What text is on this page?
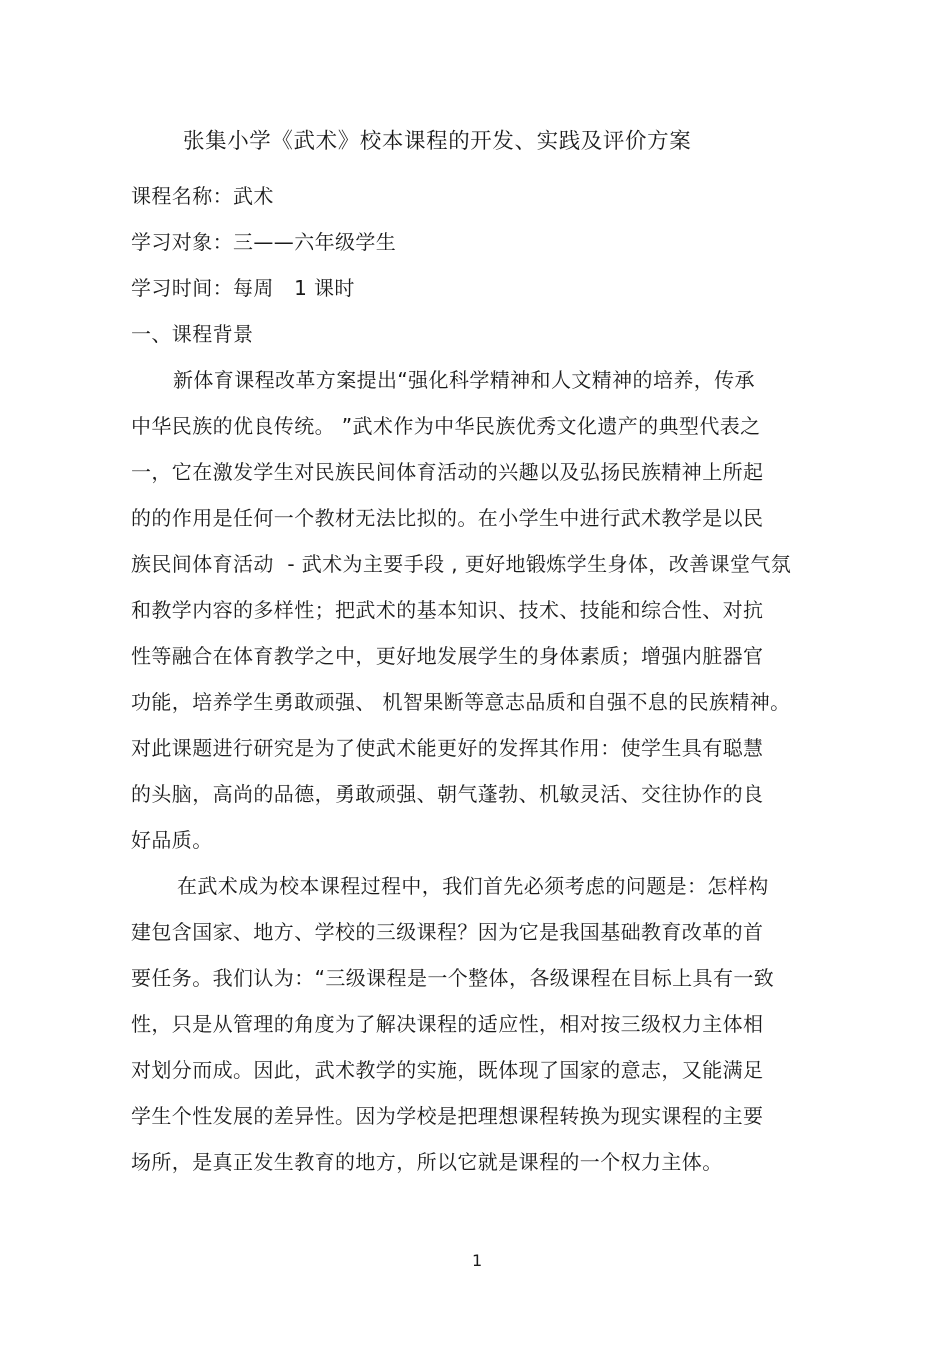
张集小学《武术》校本课程的开发、实践及评价方案
课程名称：武术
学习对象：三——六年级学生
学习时间：每周   1 课时
一、课程背景
新体育课程改革方案提出“强化科学精神和人文精神的培养，传承
中华民族的优良传统。 ”武术作为中华民族优秀文化遗产的典型代表之
一，它在激发学生对民族民间体育活动的兴趣以及弘扬民族精神上所起
的的作用是任何一个教材无法比拟的。在小学生中进行武术教学是以民
族民间体育活动  - 武术为主要手段 , 更好地锻炼学生身体，改善课堂气氛
和教学内容的多样性；把武术的基本知识、技术、技能和综合性、对抗
性等融合在体育教学之中，更好地发展学生的身体素质；增强内脏器官
功能，培养学生勇敢顽强、 机智果断等意志品质和自强不息的民族精神。
对此课题进行研究是为了使武术能更好的发挥其作用：使学生具有聪慧
的头脑，高尚的品德，勇敢顽强、朝气蓬勃、机敏灵活、交往协作的良
好品质。
在武术成为校本课程过程中，我们首先必须考虑的问题是：怎样构
建包含国家、地方、学校的三级课程？因为它是我国基础教育改革的首
要任务。我们认为：“三级课程是一个整体，各级课程在目标上具有一致
性，只是从管理的角度为了解决课程的适应性，相对按三级权力主体相
对划分而成。因此，武术教学的实施，既体现了国家的意志，又能满足
学生个性发展的差异性。因为学校是把理想课程转换为现实课程的主要
场所，是真正发生教育的地方，所以它就是课程的一个权力主体。
1
